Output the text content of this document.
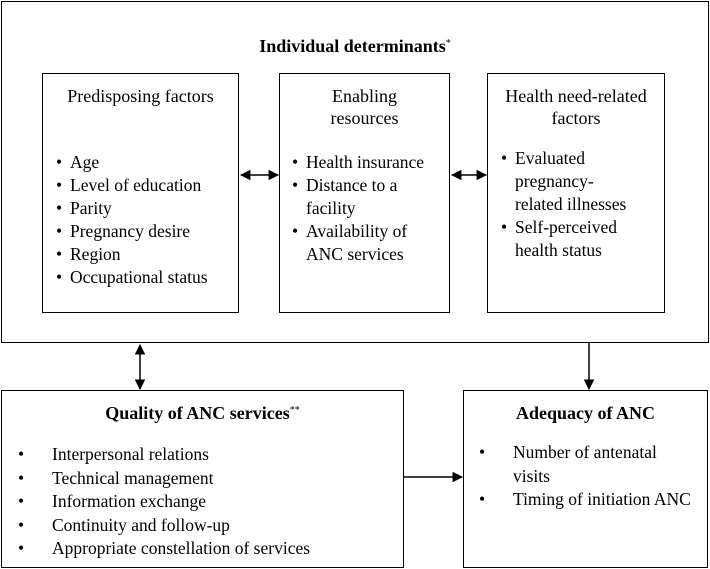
Individual determinants*
Predisposing factors
• Age
• Level of education
• Parity
• Pregnancy desire
• Region
• Occupational status
Enabling
resources
• Health insurance
• Distance to a facility
• Availability of ANC services
Health need-related
factors
• Evaluated pregnancy-related illnesses
• Self-perceived health status
Quality of ANC services**
• Interpersonal relations
• Technical management
• Information exchange
• Continuity and follow-up
• Appropriate constellation of services
Adequacy of ANC
• Number of antenatal visits
• Timing of initiation ANC
